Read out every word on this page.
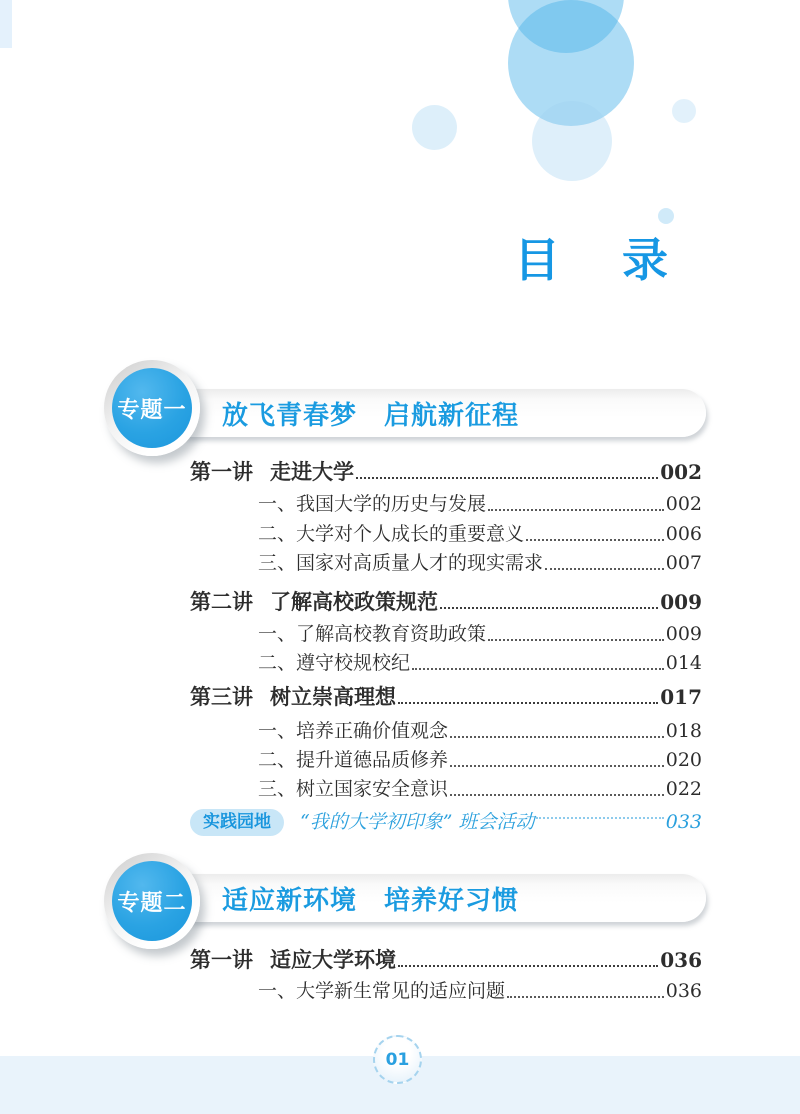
目　录
放飞青春梦　启航新征程
专题一
第一讲 走进大学	002
一、我国大学的历史与发展	002
二、大学对个人成长的重要意义	006
三、国家对高质量人才的现实需求	007
第二讲 了解高校政策规范	009
一、了解高校教育资助政策	009
二、遵守校规校纪	014
第三讲 树立崇高理想	017
一、培养正确价值观念	018
二、提升道德品质修养	020
三、树立国家安全意识	022
实践园地	“我的大学初印象” 班会活动	033
适应新环境　培养好习惯
专题二
第一讲 适应大学环境	036
一、大学新生常见的适应问题	036
01
